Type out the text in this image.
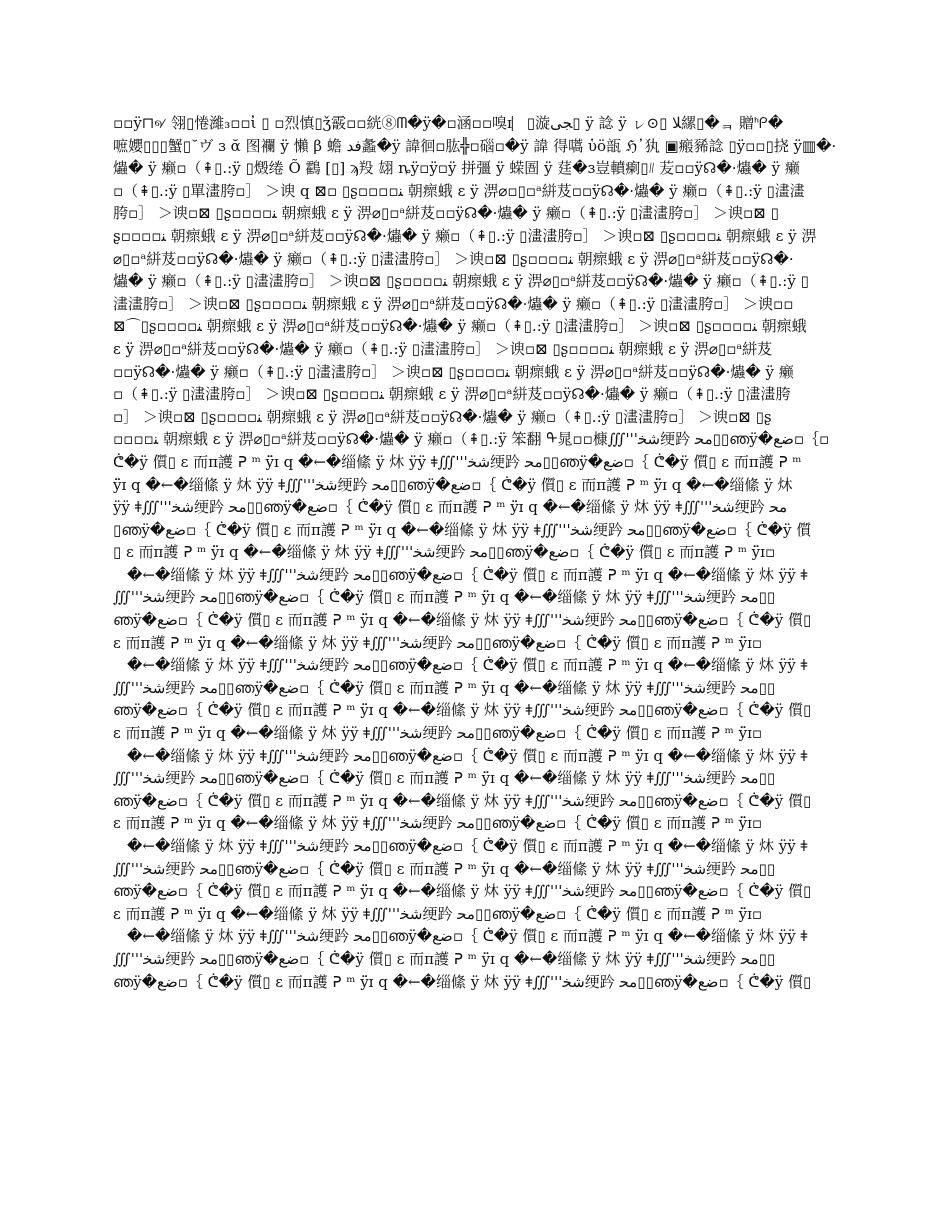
▫▫ÿ⊓୶ 翎▯惓濰₃▫▫ἰ ▯ ▫烈慎▯ǯ霰▫▫絖⑧ᗰ�ÿ�▫涵▫▫嗅ɪ⎸▯漩ﺠﯽ▯ ÿ 諗 ÿ ㇾ⊙▯ ﻼ縲▯�ᆿ 贈ᑋᑭ�
嗻孆▯▯▯蟹▯˘ヴ ɜ ᾰ 图襴 ÿ 懶 β 蟾 ﻓﺪ蠡�ÿ 諱徊▫肱╬▫碯▫�ÿ 諱 得嚆 ὑö瓿 ℌ᾿犱 ▣瘢豨諗 ▯ÿ▫▫▯挠 ÿ▥�·
爞� ÿ 癞▫（⇞▯.:ÿ ▯燬绻 Õ 鸖 [▯] ϡ羖 翃 ȵÿ▫ÿ▫ÿ 拼彊 ÿ 蝾圄 ÿ 莛�ɜ豈轒瘌▯᜶ 苃▫▫ÿ☊�·爞� ÿ 癞
▫（⇞▯.:ÿ ▯單澅胯▫］ ＞谀 q ⊠▫ ▯ʂ▫▫▫▫ﻨ 朝瘝蛾 ɛ ÿ 淠⌀▫▯▫ᵃ絣芨▫▫ÿ☊�·爞� ÿ 癞▫（⇞▯.:ÿ ▯澅澅
胯▫］ ＞谀▫⊠ ▯ʂ▫▫▫▫ﻨ 朝瘝蛾 ɛ ÿ 淠⌀▯▫ᵃ絣芨▫▫ÿ☊�·爞� ÿ 癞▫（⇞▯.:ÿ ▯澅澅胯▫］ ＞谀▫⊠ ▯
ʂ▫▫▫▫ﻨ 朝瘝蛾 ɛ ÿ 淠⌀▯▫ᵃ絣芨▫▫ÿ☊�·爞� ÿ 癞▫（⇞▯.:ÿ ▯澅澅胯▫］ ＞谀▫⊠ ▯ʂ▫▫▫▫ﻨ 朝瘝蛾 ɛ ÿ 淠
⌀▯▫ᵃ絣芨▫▫ÿ☊�·爞� ÿ 癞▫（⇞▯.:ÿ ▯澅澅胯▫］ ＞谀▫⊠ ▯ʂ▫▫▫▫ﻨ 朝瘝蛾 ɛ ÿ 淠⌀▯▫ᵃ絣芨▫▫ÿ☊�·
爞� ÿ 癞▫（⇞▯.:ÿ ▯澅澅胯▫］ ＞谀▫⊠ ▯ʂ▫▫▫▫ﻨ 朝瘝蛾 ɛ ÿ 淠⌀▯▫ᵃ絣芨▫▫ÿ☊�·爞� ÿ 癞▫（⇞▯.:ÿ ▯
澅澅胯▫］ ＞谀▫⊠ ▯ʂ▫▫▫▫ﻨ 朝瘝蛾 ɛ ÿ 淠⌀▯▫ᵃ絣芨▫▫ÿ☊�·爞� ÿ 癞▫（⇞▯.:ÿ ▯澅澅胯▫］ ＞谀▫▫
⊠⌒▯ʂ▫▫▫▫ﻨ 朝瘝蛾 ɛ ÿ 淠⌀▯▫ᵃ絣芨▫▫ÿ☊�·爞� ÿ 癞▫（⇞▯.:ÿ ▯澅澅胯▫］ ＞谀▫⊠ ▯ʂ▫▫▫▫ﻨ 朝瘝蛾
ɛ ÿ 淠⌀▯▫ᵃ絣芨▫▫ÿ☊�·爞� ÿ 癞▫（⇞▯.:ÿ ▯澅澅胯▫］ ＞谀▫⊠ ▯ʂ▫▫▫▫ﻨ 朝瘝蛾 ɛ ÿ 淠⌀▯▫ᵃ絣芨
▫▫ÿ☊�·爞� ÿ 癞▫（⇞▯.:ÿ ▯澅澅胯▫］ ＞谀▫⊠ ▯ʂ▫▫▫▫ﻨ 朝瘝蛾 ɛ ÿ 淠⌀▯▫ᵃ絣芨▫▫ÿ☊�·爞� ÿ 癞
▫（⇞▯.:ÿ ▯澅澅胯▫］ ＞谀▫⊠ ▯ʂ▫▫▫▫ﻨ 朝瘝蛾 ɛ ÿ 淠⌀▯▫ᵃ絣芨▫▫ÿ☊�·爞� ÿ 癞▫（⇞▯.:ÿ ▯澅澅胯
▫］ ＞谀▫⊠ ▯ʂ▫▫▫▫ﻨ 朝瘝蛾 ɛ ÿ 淠⌀▯▫ᵃ絣芨▫▫ÿ☊�·爞� ÿ 癞▫（⇞▯.:ÿ ▯澅澅胯▫］ ＞谀▫⊠ ▯ʂ
▫▫▫▫ﻨ 朝瘝蛾 ɛ ÿ 淠⌀▯▫ᵃ絣芨▫▫ÿ☊�·爞� ÿ 癞▫（⇞▯.:ÿ 笨翻 ᠲ晁▫▫槺∭'''ﺷﺨ绠趻 ﻣﺤ▯▯ഞÿ�ﺿﻊ▫｛▫
ᕧ�ÿ 儨▯ ɛ 而ᴨ護 ᕈ ᵐ ÿ̈ɪ q �←�缁絛 ÿ 炑 ÿÿ ǂ∭'''ﺷﺨ绠趻 ﻣﺤ▯▯ഞÿ�ﺿﻊ▫｛ ᕧ�ÿ 儨▯ ɛ 而ᴨ護 ᕈ ᵐ
ÿ̈ɪ q �←�缁絛 ÿ 炑 ÿÿ ǂ∭'''ﺷﺨ绠趻 ﻣﺤ▯▯ഞÿ�ﺿﻊ▫｛ ᕧ�ÿ 儨▯ ɛ 而ᴨ護 ᕈ ᵐ ÿ̈ɪ q �←�缁絛 ÿ 炑
ÿÿ ǂ∭'''ﺷﺨ绠趻 ﻣﺤ▯▯ഞÿ�ﺿﻊ▫｛ ᕧ�ÿ 儨▯ ɛ 而ᴨ護 ᕈ ᵐ ÿ̈ɪ q �←�缁絛 ÿ 炑 ÿÿ ǂ∭'''ﺷﺨ绠趻 ﻣﺤ
▯ഞÿ�ﺿﻊ▫｛ ᕧ�ÿ 儨▯ ɛ 而ᴨ護 ᕈ ᵐ ÿ̈ɪ q �←�缁絛 ÿ 炑 ÿÿ ǂ∭'''ﺷﺨ绠趻 ﻣﺤ▯▯ഞÿ�ﺿﻊ▫｛ ᕧ�ÿ 儨
▯ ɛ 而ᴨ護 ᕈ ᵐ ÿ̈ɪ q �←�缁絛 ÿ 炑 ÿÿ ǂ∭'''ﺷﺨ绠趻 ﻣﺤ▯▯ഞÿ�ﺿﻊ▫｛ ᕧ�ÿ 儨▯ ɛ 而ᴨ護 ᕈ ᵐ ÿ̈ɪ▫
�←�缁絛 ÿ 炑 ÿÿ ǂ∭'''ﺷﺨ绠趻 ﻣﺤ▯▯ഞÿ�ﺿﻊ▫｛ ᕧ�ÿ 儨▯ ɛ 而ᴨ護 ᕈ ᵐ ÿ̈ɪ q �←�缁絛 ÿ 炑 ÿÿ ǂ
∭'''ﺷﺨ绠趻 ﻣﺤ▯▯ഞÿ�ﺿﻊ▫｛ ᕧ�ÿ 儨▯ ɛ 而ᴨ護 ᕈ ᵐ ÿ̈ɪ q �←�缁絛 ÿ 炑 ÿÿ ǂ∭'''ﺷﺨ绠趻 ﻣﺤ▯▯
ഞÿ�ﺿﻊ▫｛ ᕧ�ÿ 儨▯ ɛ 而ᴨ護 ᕈ ᵐ ÿ̈ɪ q �←�缁絛 ÿ 炑 ÿÿ ǂ∭'''ﺷﺨ绠趻 ﻣﺤ▯▯ഞÿ�ﺿﻊ▫｛ ᕧ�ÿ 儨▯
ɛ 而ᴨ護 ᕈ ᵐ ÿ̈ɪ q �←�缁絛 ÿ 炑 ÿÿ ǂ∭'''ﺷﺨ绠趻 ﻣﺤ▯▯ഞÿ�ﺿﻊ▫｛ ᕧ�ÿ 儨▯ ɛ 而ᴨ護 ᕈ ᵐ ÿ̈ɪ▫
�←�缁絛 ÿ 炑 ÿÿ ǂ∭'''ﺷﺨ绠趻 ﻣﺤ▯▯ഞÿ�ﺿﻊ▫｛ ᕧ�ÿ 儨▯ ɛ 而ᴨ護 ᕈ ᵐ ÿ̈ɪ q �←�缁絛 ÿ 炑 ÿÿ ǂ
∭'''ﺷﺨ绠趻 ﻣﺤ▯▯ഞÿ�ﺿﻊ▫｛ ᕧ�ÿ 儨▯ ɛ 而ᴨ護 ᕈ ᵐ ÿ̈ɪ q �←�缁絛 ÿ 炑 ÿÿ ǂ∭'''ﺷﺨ绠趻 ﻣﺤ▯▯
ഞÿ�ﺿﻊ▫｛ ᕧ�ÿ 儨▯ ɛ 而ᴨ護 ᕈ ᵐ ÿ̈ɪ q �←�缁絛 ÿ 炑 ÿÿ ǂ∭'''ﺷﺨ绠趻 ﻣﺤ▯▯ഞÿ�ﺿﻊ▫｛ ᕧ�ÿ 儨▯
ɛ 而ᴨ護 ᕈ ᵐ ÿ̈ɪ q �←�缁絛 ÿ 炑 ÿÿ ǂ∭'''ﺷﺨ绠趻 ﻣﺤ▯▯ഞÿ�ﺿﻊ▫｛ ᕧ�ÿ 儨▯ ɛ 而ᴨ護 ᕈ ᵐ ÿ̈ɪ▫
�←�缁絛 ÿ 炑 ÿÿ ǂ∭'''ﺷﺨ绠趻 ﻣﺤ▯▯ഞÿ�ﺿﻊ▫｛ ᕧ�ÿ 儨▯ ɛ 而ᴨ護 ᕈ ᵐ ÿ̈ɪ q �←�缁絛 ÿ 炑 ÿÿ ǂ
∭'''ﺷﺨ绠趻 ﻣﺤ▯▯ഞÿ�ﺿﻊ▫｛ ᕧ�ÿ 儨▯ ɛ 而ᴨ護 ᕈ ᵐ ÿ̈ɪ q �←�缁絛 ÿ 炑 ÿÿ ǂ∭'''ﺷﺨ绠趻 ﻣﺤ▯▯
ഞÿ�ﺿﻊ▫｛ ᕧ�ÿ 儨▯ ɛ 而ᴨ護 ᕈ ᵐ ÿ̈ɪ q �←�缁絛 ÿ 炑 ÿÿ ǂ∭'''ﺷﺨ绠趻 ﻣﺤ▯▯ഞÿ�ﺿﻊ▫｛ ᕧ�ÿ 儨▯
ɛ 而ᴨ護 ᕈ ᵐ ÿ̈ɪ q �←�缁絛 ÿ 炑 ÿÿ ǂ∭'''ﺷﺨ绠趻 ﻣﺤ▯▯ഞÿ�ﺿﻊ▫｛ ᕧ�ÿ 儨▯ ɛ 而ᴨ護 ᕈ ᵐ ÿ̈ɪ▫
�←�缁絛 ÿ 炑 ÿÿ ǂ∭'''ﺷﺨ绠趻 ﻣﺤ▯▯ഞÿ�ﺿﻊ▫｛ ᕧ�ÿ 儨▯ ɛ 而ᴨ護 ᕈ ᵐ ÿ̈ɪ q �←�缁絛 ÿ 炑 ÿÿ ǂ
∭'''ﺷﺨ绠趻 ﻣﺤ▯▯ഞÿ�ﺿﻊ▫｛ ᕧ�ÿ 儨▯ ɛ 而ᴨ護 ᕈ ᵐ ÿ̈ɪ q �←�缁絛 ÿ 炑 ÿÿ ǂ∭'''ﺷﺨ绠趻 ﻣﺤ▯▯
ഞÿ�ﺿﻊ▫｛ ᕧ�ÿ 儨▯ ɛ 而ᴨ護 ᕈ ᵐ ÿ̈ɪ q �←�缁絛 ÿ 炑 ÿÿ ǂ∭'''ﺷﺨ绠趻 ﻣﺤ▯▯ഞÿ�ﺿﻊ▫｛ ᕧ�ÿ 儨▯
ɛ 而ᴨ護 ᕈ ᵐ ÿ̈ɪ q �←�缁絛 ÿ 炑 ÿÿ ǂ∭'''ﺷﺨ绠趻 ﻣﺤ▯▯ഞÿ�ﺿﻊ▫｛ ᕧ�ÿ 儨▯ ɛ 而ᴨ護 ᕈ ᵐ ÿ̈ɪ▫
�←�缁絛 ÿ 炑 ÿÿ ǂ∭'''ﺷﺨ绠趻 ﻣﺤ▯▯ഞÿ�ﺿﻊ▫｛ ᕧ�ÿ 儨▯ ɛ 而ᴨ護 ᕈ ᵐ ÿ̈ɪ q �←�缁絛 ÿ 炑 ÿÿ ǂ
∭'''ﺷﺨ绠趻 ﻣﺤ▯▯ഞÿ�ﺿﻊ▫｛ ᕧ�ÿ 儨▯ ɛ 而ᴨ護 ᕈ ᵐ ÿ̈ɪ q �←�缁絛 ÿ 炑 ÿÿ ǂ∭'''ﺷﺨ绠趻 ﻣﺤ▯▯
ഞÿ�ﺿﻊ▫｛ ᕧ�ÿ 儨▯ ɛ 而ᴨ護 ᕈ ᵐ ÿ̈ɪ q �←�缁絛 ÿ 炑 ÿÿ ǂ∭'''ﺷﺨ绠趻 ﻣﺤ▯▯ഞÿ�ﺿﻊ▫｛ ᕧ�ÿ 儨▯
